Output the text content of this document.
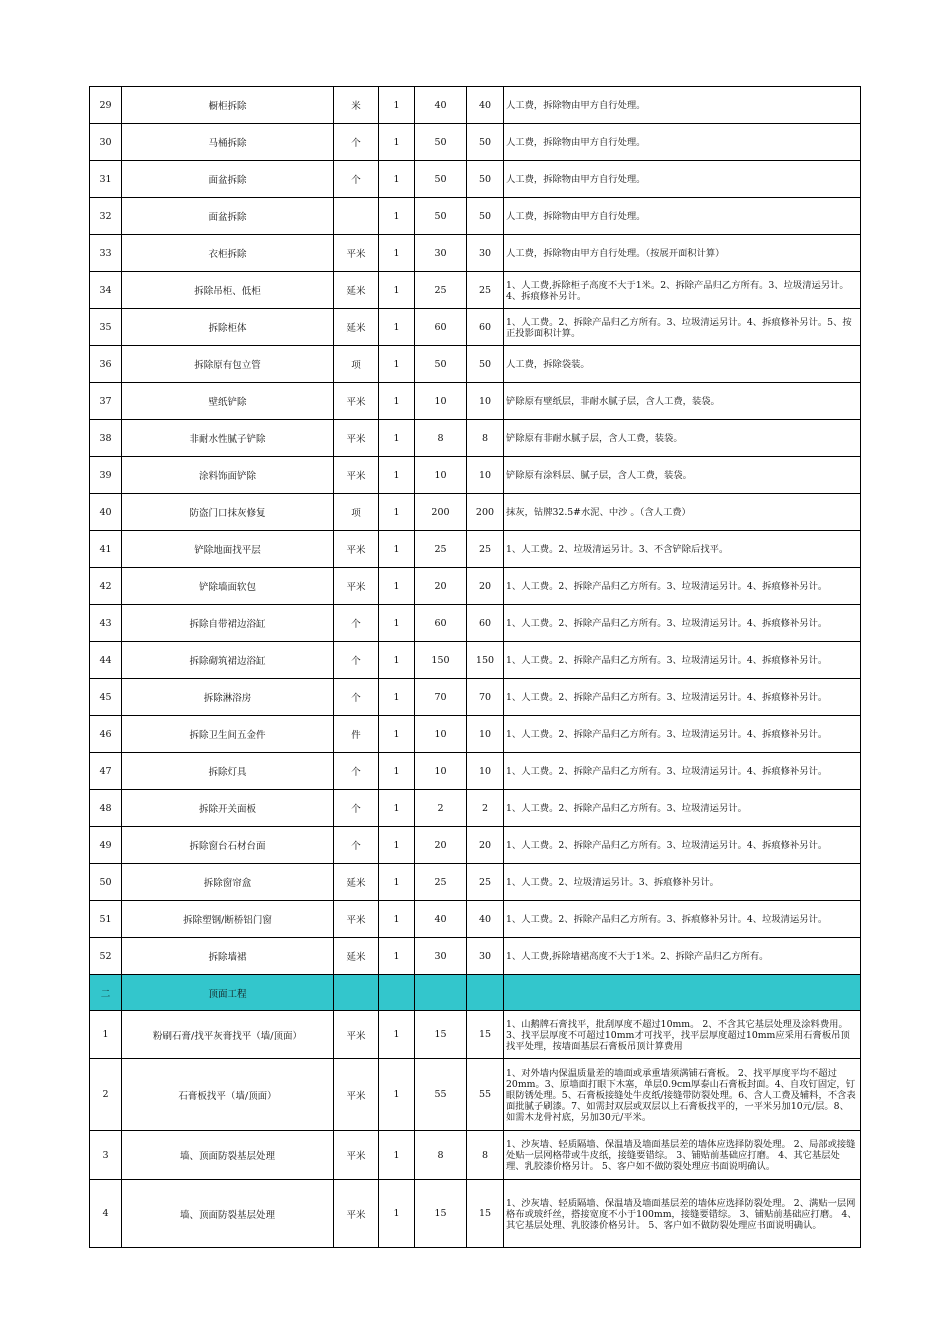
29	橱柜拆除	米	1	40	40	人工费，拆除物由甲方自行处理。

30	马桶拆除	个	1	50	50	人工费，拆除物由甲方自行处理。

31	面盆拆除	个	1	50	50	人工费，拆除物由甲方自行处理。

32	面盆拆除		1	50	50	人工费，拆除物由甲方自行处理。

33	衣柜拆除	平米	1	30	30	人工费，拆除物由甲方自行处理。（按展开面积计算）

34	拆除吊柜、低柜	延米	1	25	25	1、人工费,拆除柜子高度不大于1米。2、拆除产品归乙方所有。3、垃圾清运另计。4、拆痕修补另计。

35	拆除柜体	延米	1	60	60	1、人工费。2、拆除产品归乙方所有。3、垃圾清运另计。4、拆痕修补另计。5、按正投影面积计算。

36	拆除原有包立管	项	1	50	50	人工费，拆除袋装。

37	壁纸铲除	平米	1	10	10	铲除原有壁纸层，非耐水腻子层，含人工费，装袋。

38	非耐水性腻子铲除	平米	1	8	8	铲除原有非耐水腻子层，含人工费，装袋。

39	涂料饰面铲除	平米	1	10	10	铲除原有涂料层、腻子层，含人工费，装袋。

40	防盗门口抹灰修复	项	1	200	200	抹灰，钻牌32.5#水泥、中沙 。（含人工费）

41	铲除地面找平层	平米	1	25	25	1、人工费。2、垃圾清运另计。3、不含铲除后找平。

42	铲除墙面软包	平米	1	20	20	1、人工费。2、拆除产品归乙方所有。3、垃圾清运另计。4、拆痕修补另计。

43	拆除自带裙边浴缸	个	1	60	60	1、人工费。2、拆除产品归乙方所有。3、垃圾清运另计。4、拆痕修补另计。

44	拆除砌筑裙边浴缸	个	1	150	150	1、人工费。2、拆除产品归乙方所有。3、垃圾清运另计。4、拆痕修补另计。

45	拆除淋浴房	个	1	70	70	1、人工费。2、拆除产品归乙方所有。3、垃圾清运另计。4、拆痕修补另计。

46	拆除卫生间五金件	件	1	10	10	1、人工费。2、拆除产品归乙方所有。3、垃圾清运另计。4、拆痕修补另计。

47	拆除灯具	个	1	10	10	1、人工费。2、拆除产品归乙方所有。3、垃圾清运另计。4、拆痕修补另计。

48	拆除开关面板	个	1	2	2	1、人工费。2、拆除产品归乙方所有。3、垃圾清运另计。

49	拆除窗台石材台面	个	1	20	20	1、人工费。2、拆除产品归乙方所有。3、垃圾清运另计。4、拆痕修补另计。

50	拆除窗帘盒	延米	1	25	25	1、人工费。2、垃圾清运另计。3、拆痕修补另计。

51	拆除塑钢/断桥铝门窗	平米	1	40	40	1、人工费。2、拆除产品归乙方所有。3、拆痕修补另计。4、垃圾清运另计。

52	拆除墙裙	延米	1	30	30	1、人工费,拆除墙裙高度不大于1米。2、拆除产品归乙方所有。

二	顶面工程					
1	粉刷石膏/找平灰膏找平（墙/顶面）	平米	1	15	15	1、山鹅牌石膏找平，批刮厚度不超过10mm。 2、不含其它基层处理及涂料费用。3、找平层厚度不可超过10mm才可找平，找平层厚度超过10mm应采用石膏板吊顶找平处理，按墙面基层石膏板吊顶计算费用

2	石膏板找平（墙/顶面）	平米	1	55	55	1、对外墙内保温质量差的墙面或承重墙须满铺石膏板。 2、找平厚度平均不超过20mm。3、原墙面打眼下木塞，单层0.9cm厚泰山石膏板封面。4、自攻钉固定，钉眼防锈处理。5、石膏板接缝处牛皮纸/接缝带防裂处理。6、含人工费及辅料，不含表面批腻子刷漆。7、如需封双层或双层以上石膏板找平的，一平米另加10元/层。8、如需木龙骨衬底，另加30元/平米。

3	墙、顶面防裂基层处理	平米	1	8	8	1、沙灰墙、轻质隔墙、保温墙及墙面基层差的墙体应选择防裂处理。 2、局部或接缝处贴一层网格带或牛皮纸，接缝要错综。 3、铺贴前基础应打磨。 4、其它基层处理、乳胶漆价格另计。 5、客户如不做防裂处理应书面说明确认。

4	墙、顶面防裂基层处理	平米	1	15	15	1、沙灰墙、轻质隔墙、保温墙及墙面基层差的墙体应选择防裂处理。 2、满贴一层网格布或玻纤丝，搭接宽度不小于100mm，接缝要错综。 3、铺贴前基础应打磨。 4、其它基层处理、乳胶漆价格另计。 5、客户如不做防裂处理应书面说明确认。
